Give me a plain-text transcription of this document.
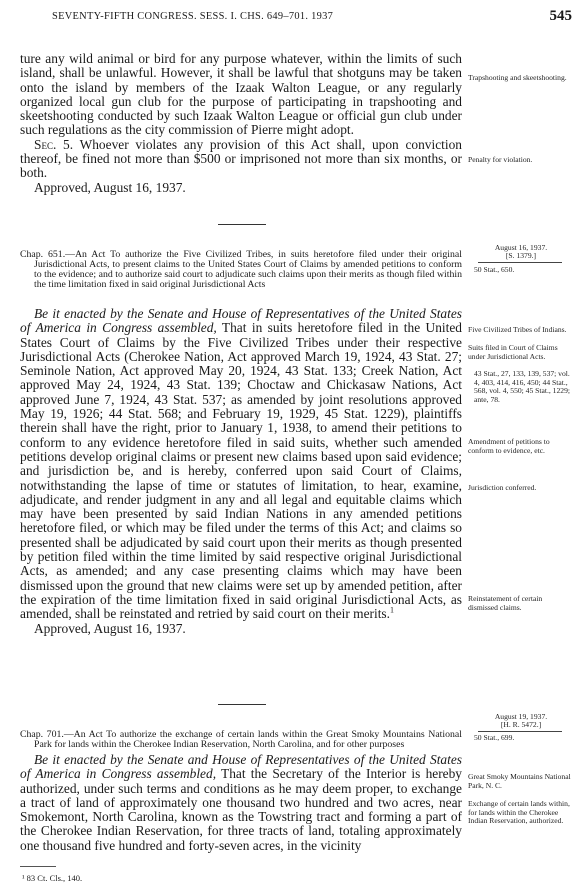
SEVENTY-FIFTH CONGRESS. SESS. I. CHS. 649–701. 1937	545

ture any wild animal or bird for any purpose whatever, within the limits of such island, shall be unlawful. However, it shall be lawful that shotguns may be taken onto the island by members of the Izaak Walton League, or any regularly organized local gun club for the purpose of participating in trapshooting and skeetshooting conducted by such Izaak Walton League or official gun club under such regulations as the city commission of Pierre might adopt.

Sec. 5. Whoever violates any provision of this Act shall, upon conviction thereof, be fined not more than $500 or imprisoned not more than six months, or both.

Approved, August 16, 1937.

Chap. 651.—An Act To authorize the Five Civilized Tribes, in suits heretofore filed under their original Jurisdictional Acts, to present claims to the United States Court of Claims by amended petitions to conform to the evidence; and to authorize said court to adjudicate such claims upon their merits as though filed within the time limitation fixed in said original Jurisdictional Acts

Be it enacted by the Senate and House of Representatives of the United States of America in Congress assembled, That in suits heretofore filed in the United States Court of Claims by the Five Civilized Tribes under their respective Jurisdictional Acts (Cherokee Nation, Act approved March 19, 1924, 43 Stat. 27; Seminole Nation, Act approved May 20, 1924, 43 Stat. 133; Creek Nation, Act approved May 24, 1924, 43 Stat. 139; Choctaw and Chickasaw Nations, Act approved June 7, 1924, 43 Stat. 537; as amended by joint resolutions approved May 19, 1926; 44 Stat. 568; and February 19, 1929, 45 Stat. 1229), plaintiffs therein shall have the right, prior to January 1, 1938, to amend their petitions to conform to any evidence heretofore filed in said suits, whether such amended petitions develop original claims or present new claims based upon said evidence; and jurisdiction be, and is hereby, conferred upon said Court of Claims, notwithstanding the lapse of time or statutes of limitation, to hear, examine, adjudicate, and render judgment in any and all legal and equitable claims which may have been presented by said Indian Nations in any amended petitions heretofore filed, or which may be filed under the terms of this Act; and claims so presented shall be adjudicated by said court upon their merits as though presented by petition filed within the time limited by said respective original Jurisdictional Acts, as amended; and any case presenting claims which may have been dismissed upon the ground that new claims were set up by amended petition, after the expiration of the time limitation fixed in said original Jurisdictional Acts, as amended, shall be reinstated and retried by said court on their merits.$^1$

Approved, August 16, 1937.

Chap. 701.—An Act To authorize the exchange of certain lands within the Great Smoky Mountains National Park for lands within the Cherokee Indian Reservation, North Carolina, and for other purposes

Be it enacted by the Senate and House of Representatives of the United States of America in Congress assembled, That the Secretary of the Interior is hereby authorized, under such terms and conditions as he may deem proper, to exchange a tract of land of approximately one thousand two hundred and two acres, near Smokemont, North Carolina, known as the Towstring tract and forming a part of the Cherokee Indian Reservation, for three tracts of land, totaling approximately one thousand five hundred and forty-seven acres, in the vicinity

¹ 83 Ct. Cls., 140.
Trapshooting and skeetshooting.
Penalty for violation.
August 16, 1937.
[S. 1379.]
50 Stat., 650.
Five Civilized Tribes of Indians.
Suits filed in Court of Claims under Jurisdictional Acts.
43 Stat., 27, 133, 139, 537; vol. 4, 403, 414, 416, 450; 44 Stat., 568, vol. 4, 550; 45 Stat., 1229; ante, 78.
Amendment of petitions to conform to evidence, etc.
Jurisdiction conferred.
Reinstatement of certain dismissed claims.
August 19, 1937.
[H. R. 5472.]
50 Stat., 699.
Great Smoky Mountains National Park, N. C.
Exchange of certain lands within, for lands within the Cherokee Indian Reservation, authorized.
